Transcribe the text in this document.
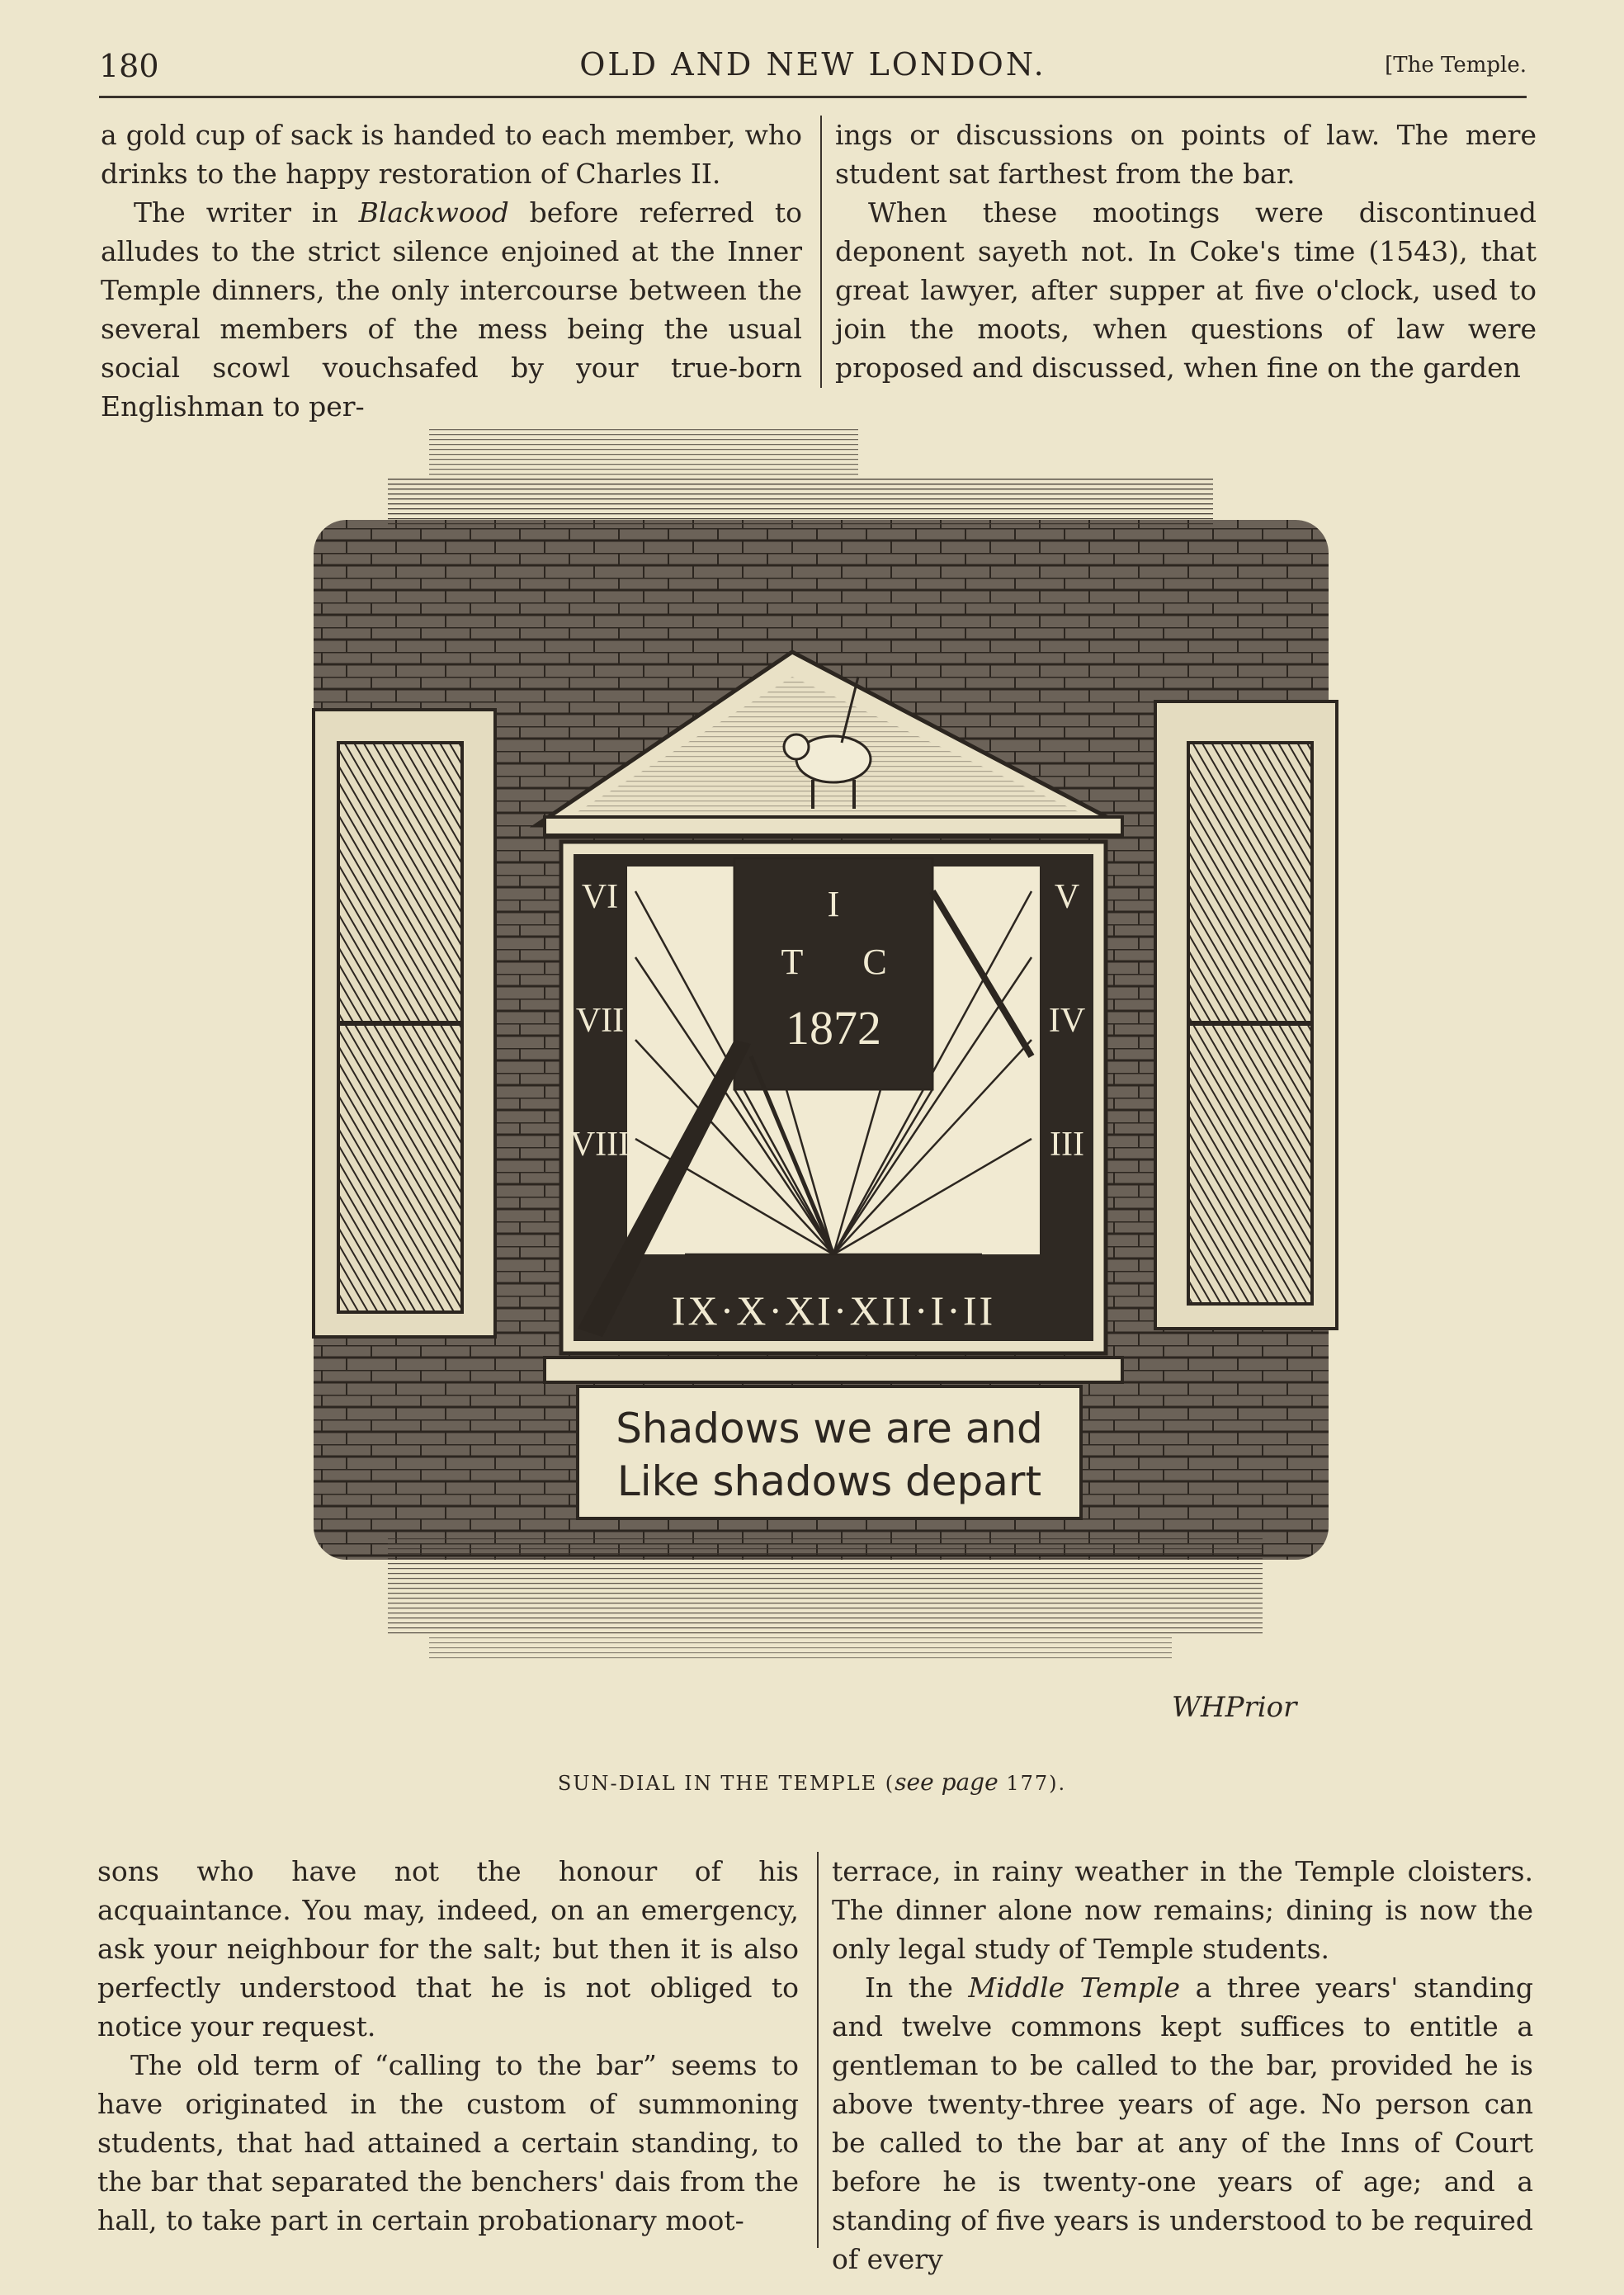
180	OLD AND NEW LONDON.	[The Temple.

a gold cup of sack is handed to each member, who drinks to the happy restoration of Charles II.

The writer in Blackwood before referred to alludes to the strict silence enjoined at the Inner Temple dinners, the only intercourse between the several members of the mess being the usual social scowl vouchsafed by your true-born Englishman to per-

ings or discussions on points of law. The mere student sat farthest from the bar.

When these mootings were discontinued deponent sayeth not. In Coke's time (1543), that great lawyer, after supper at five o'clock, used to join the moots, when questions of law were proposed and discussed, when fine on the garden

I
T C
1872
VI
VII
VIII
V
IV
III
IX·X·XI·XII·I·II
Shadows we are and
Like shadows depart
WHPrior
SUN-DIAL IN THE TEMPLE (see page 177).

sons who have not the honour of his acquaintance. You may, indeed, on an emergency, ask your neighbour for the salt; but then it is also perfectly understood that he is not obliged to notice your request.

The old term of “calling to the bar” seems to have originated in the custom of summoning students, that had attained a certain standing, to the bar that separated the benchers' dais from the hall, to take part in certain probationary moot-

terrace, in rainy weather in the Temple cloisters. The dinner alone now remains; dining is now the only legal study of Temple students.

In the Middle Temple a three years' standing and twelve commons kept suffices to entitle a gentleman to be called to the bar, provided he is above twenty-three years of age. No person can be called to the bar at any of the Inns of Court before he is twenty-one years of age; and a standing of five years is understood to be required of every
